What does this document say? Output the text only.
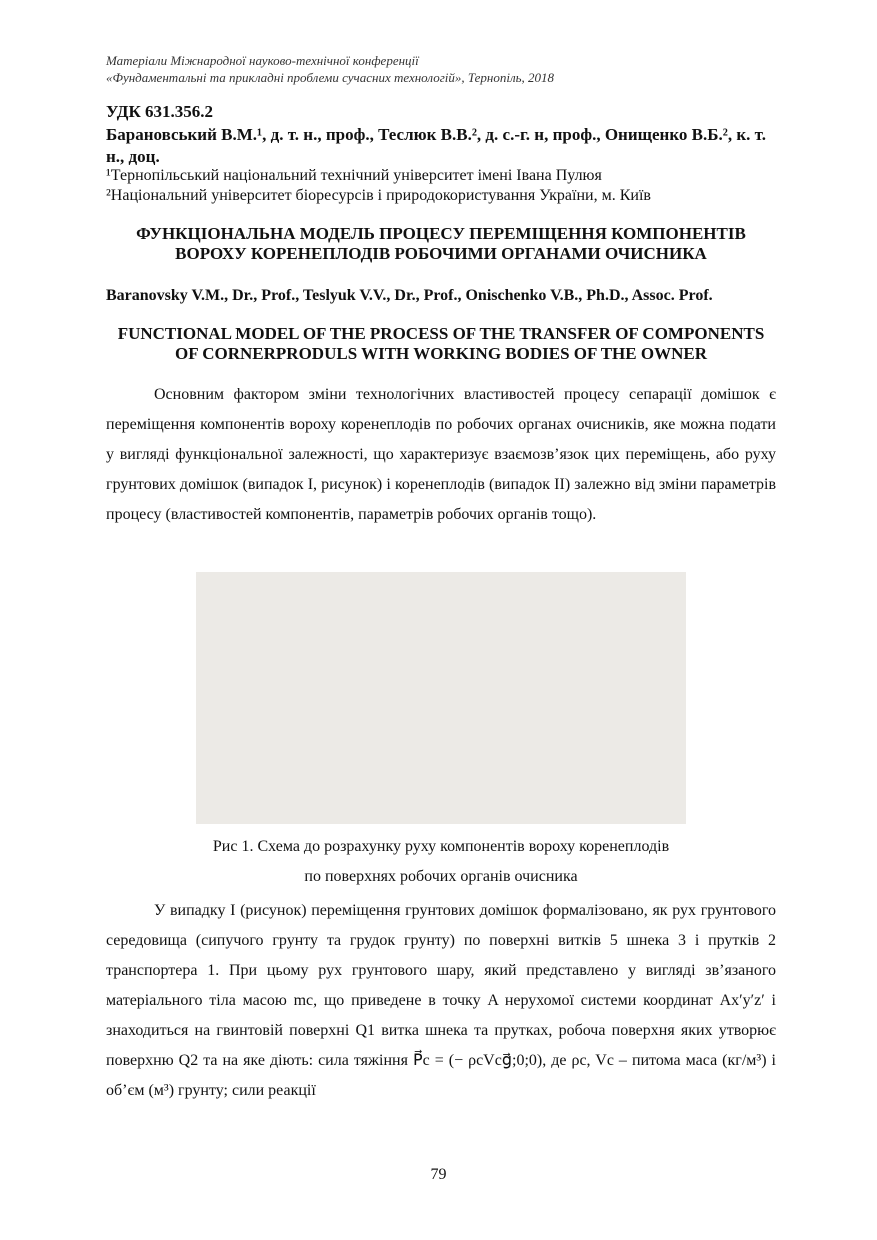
Матеріали Міжнародної науково-технічної конференції
«Фундаментальні та прикладні проблеми сучасних технологій», Тернопіль, 2018
УДК 631.356.2
Барановський В.М.¹, д. т. н., проф., Теслюк В.В.², д. с.-г. н, проф., Онищенко В.Б.², к. т. н., доц.
¹Тернопільський національний технічний університет імені Івана Пулюя
²Національний університет біоресурсів і природокористування України, м. Київ
ФУНКЦІОНАЛЬНА МОДЕЛЬ ПРОЦЕСУ ПЕРЕМІЩЕННЯ КОМПОНЕНТІВ ВОРОХУ КОРЕНЕПЛОДІВ РОБОЧИМИ ОРГАНАМИ ОЧИСНИКА
Baranovsky V.M., Dr., Prof., Teslyuk V.V., Dr., Prof., Onischenko V.B., Ph.D., Assoc. Prof.
FUNCTIONAL MODEL OF THE PROCESS OF THE TRANSFER OF COMPONENTS OF CORNERPRODULS WITH WORKING BODIES OF THE OWNER
Основним фактором зміни технологічних властивостей процесу сепарації домішок є переміщення компонентів вороху коренеплодів по робочих органах очисників, яке можна подати у вигляді функціональної залежності, що характеризує взаємозв’язок цих переміщень, або руху грунтових домішок (випадок I, рисунок) і коренеплодів (випадок II) залежно від зміни параметрів процесу (властивостей компонентів, параметрів робочих органів тощо).
Рис 1. Схема до розрахунку руху компонентів вороху коренеплодів
по поверхнях робочих органів очисника
У випадку I (рисунок) переміщення грунтових домішок формалізовано, як рух грунтового середовища (сипучого грунту та грудок грунту) по поверхні витків 5 шнека 3 і прутків 2 транспортера 1. При цьому рух грунтового шару, який представлено у вигляді зв’язаного матеріального тіла масою mc, що приведене в точку A нерухомої системи координат Ax′y′z′ і знаходиться на гвинтовій поверхні Q1 витка шнека та прутках, робоча поверхня яких утворює поверхню Q2 та на яке діють: сила тяжіння P⃗c = (− ρcVcg⃗;0;0), де ρc, Vc – питома маса (кг/м³) і об’єм (м³) грунту; сили реакції
79
